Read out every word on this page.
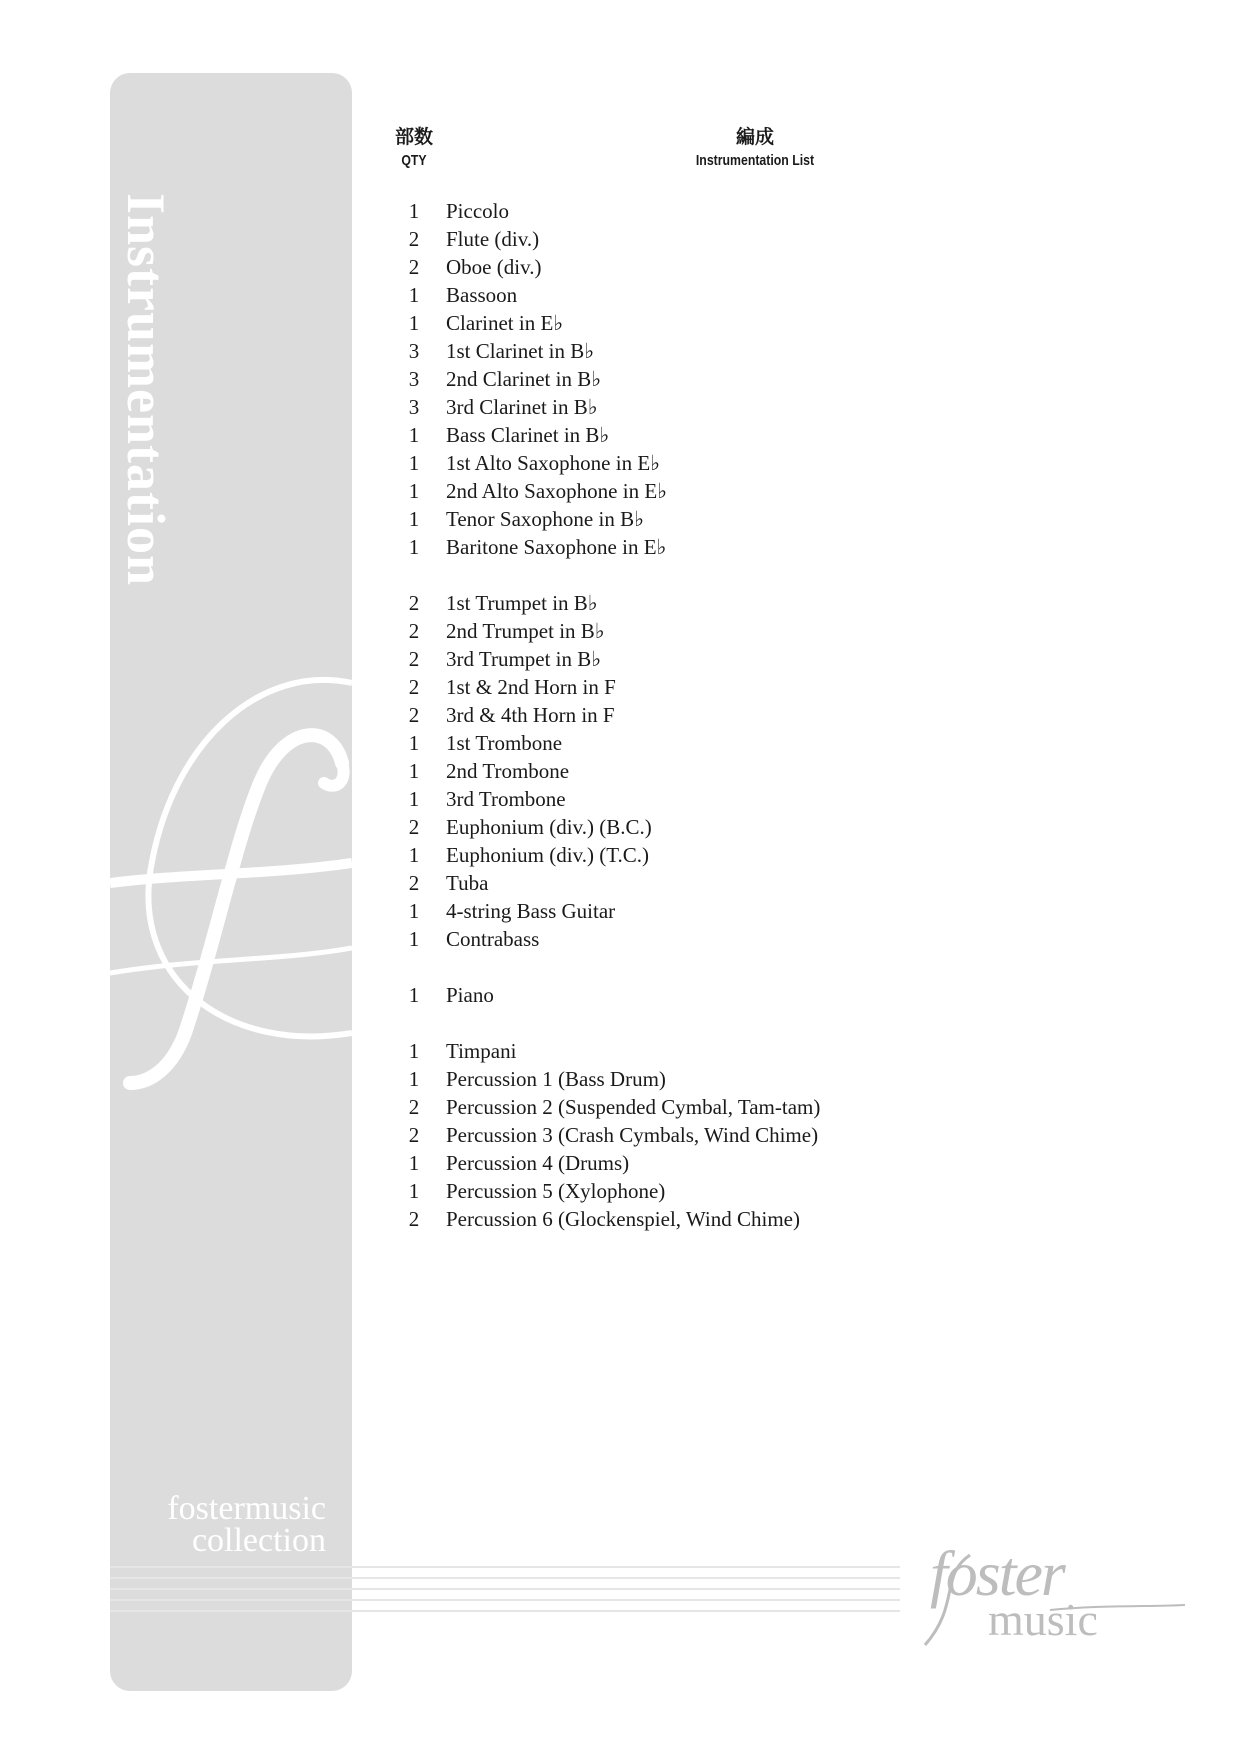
Instrumentation
fostermusic
collection
部数
QTY
編成
Instrumentation List
1	Piccolo
2	Flute (div.)
2	Oboe (div.)
1	Bassoon
1	Clarinet in E♭
3	1st Clarinet in B♭
3	2nd Clarinet in B♭
3	3rd Clarinet in B♭
1	Bass Clarinet in B♭
1	1st Alto Saxophone in E♭
1	2nd Alto Saxophone in E♭
1	Tenor Saxophone in B♭
1	Baritone Saxophone in E♭
2	1st Trumpet in B♭
2	2nd Trumpet in B♭
2	3rd Trumpet in B♭
2	1st & 2nd Horn in F
2	3rd & 4th Horn in F
1	1st Trombone
1	2nd Trombone
1	3rd Trombone
2	Euphonium (div.) (B.C.)
1	Euphonium (div.) (T.C.)
2	Tuba
1	4-string Bass Guitar
1	Contrabass
1	Piano
1	Timpani
1	Percussion 1 (Bass Drum)
2	Percussion 2 (Suspended Cymbal, Tam-tam)
2	Percussion 3 (Crash Cymbals, Wind Chime)
1	Percussion 4 (Drums)
1	Percussion 5 (Xylophone)
2	Percussion 6 (Glockenspiel, Wind Chime)
foster
music
